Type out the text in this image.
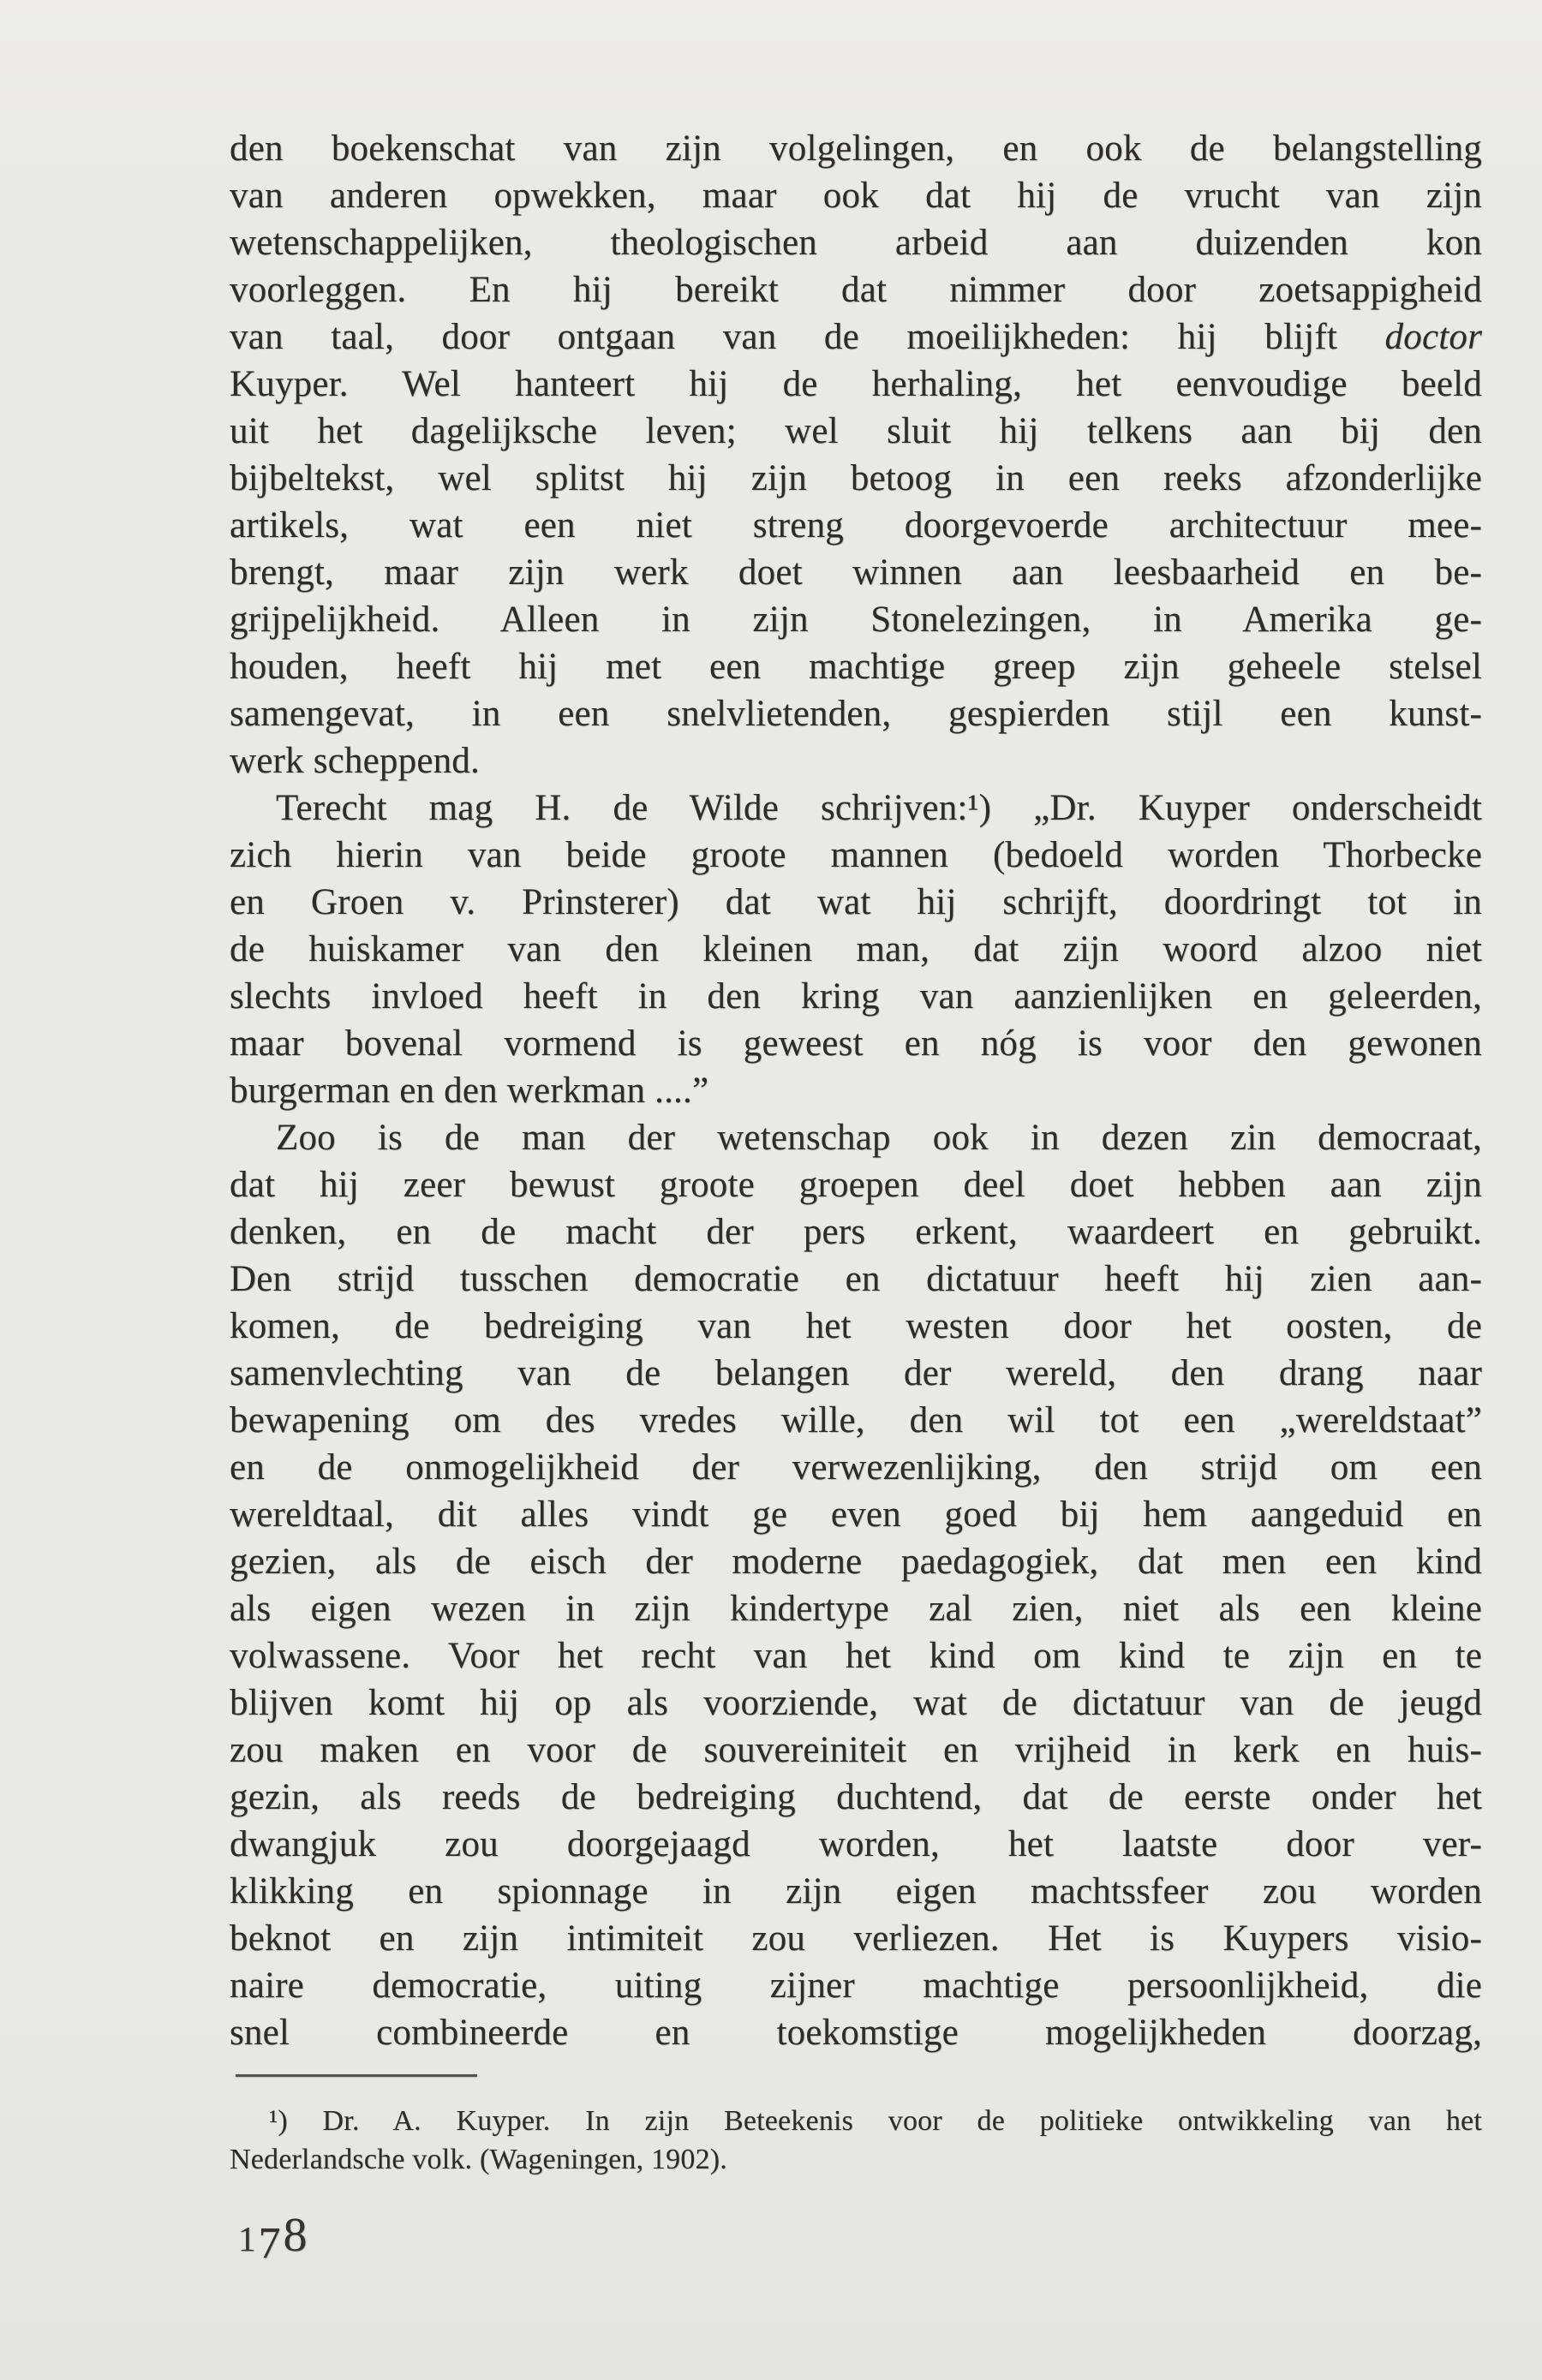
den boekenschat van zijn volgelingen, en ook de belangstelling
van anderen opwekken, maar ook dat hij de vrucht van zijn
wetenschappelijken, theologischen arbeid aan duizenden kon
voorleggen. En hij bereikt dat nimmer door zoetsappigheid
van taal, door ontgaan van de moeilijkheden: hij blijft doctor
Kuyper. Wel hanteert hij de herhaling, het eenvoudige beeld
uit het dagelijksche leven; wel sluit hij telkens aan bij den
bijbeltekst, wel splitst hij zijn betoog in een reeks afzonderlijke
artikels, wat een niet streng doorgevoerde architectuur mee-
brengt, maar zijn werk doet winnen aan leesbaarheid en be-
grijpelijkheid. Alleen in zijn Stonelezingen, in Amerika ge-
houden, heeft hij met een machtige greep zijn geheele stelsel
samengevat, in een snelvlietenden, gespierden stijl een kunst-
werk scheppend.
Terecht mag H. de Wilde schrijven:¹) „Dr. Kuyper onderscheidt
zich hierin van beide groote mannen (bedoeld worden Thorbecke
en Groen v. Prinsterer) dat wat hij schrijft, doordringt tot in
de huiskamer van den kleinen man, dat zijn woord alzoo niet
slechts invloed heeft in den kring van aanzienlijken en geleerden,
maar bovenal vormend is geweest en nóg is voor den gewonen
burgerman en den werkman ....”
Zoo is de man der wetenschap ook in dezen zin democraat,
dat hij zeer bewust groote groepen deel doet hebben aan zijn
denken, en de macht der pers erkent, waardeert en gebruikt.
Den strijd tusschen democratie en dictatuur heeft hij zien aan-
komen, de bedreiging van het westen door het oosten, de
samenvlechting van de belangen der wereld, den drang naar
bewapening om des vredes wille, den wil tot een „wereldstaat”
en de onmogelijkheid der verwezenlijking, den strijd om een
wereldtaal, dit alles vindt ge even goed bij hem aangeduid en
gezien, als de eisch der moderne paedagogiek, dat men een kind
als eigen wezen in zijn kindertype zal zien, niet als een kleine
volwassene. Voor het recht van het kind om kind te zijn en te
blijven komt hij op als voorziende, wat de dictatuur van de jeugd
zou maken en voor de souvereiniteit en vrijheid in kerk en huis-
gezin, als reeds de bedreiging duchtend, dat de eerste onder het
dwangjuk zou doorgejaagd worden, het laatste door ver-
klikking en spionnage in zijn eigen machtssfeer zou worden
beknot en zijn intimiteit zou verliezen. Het is Kuypers visio-
naire democratie, uiting zijner machtige persoonlijkheid, die
snel combineerde en toekomstige mogelijkheden doorzag,
¹) Dr. A. Kuyper. In zijn Beteekenis voor de politieke ontwikkeling van het
Nederlandsche volk. (Wageningen, 1902).
178
